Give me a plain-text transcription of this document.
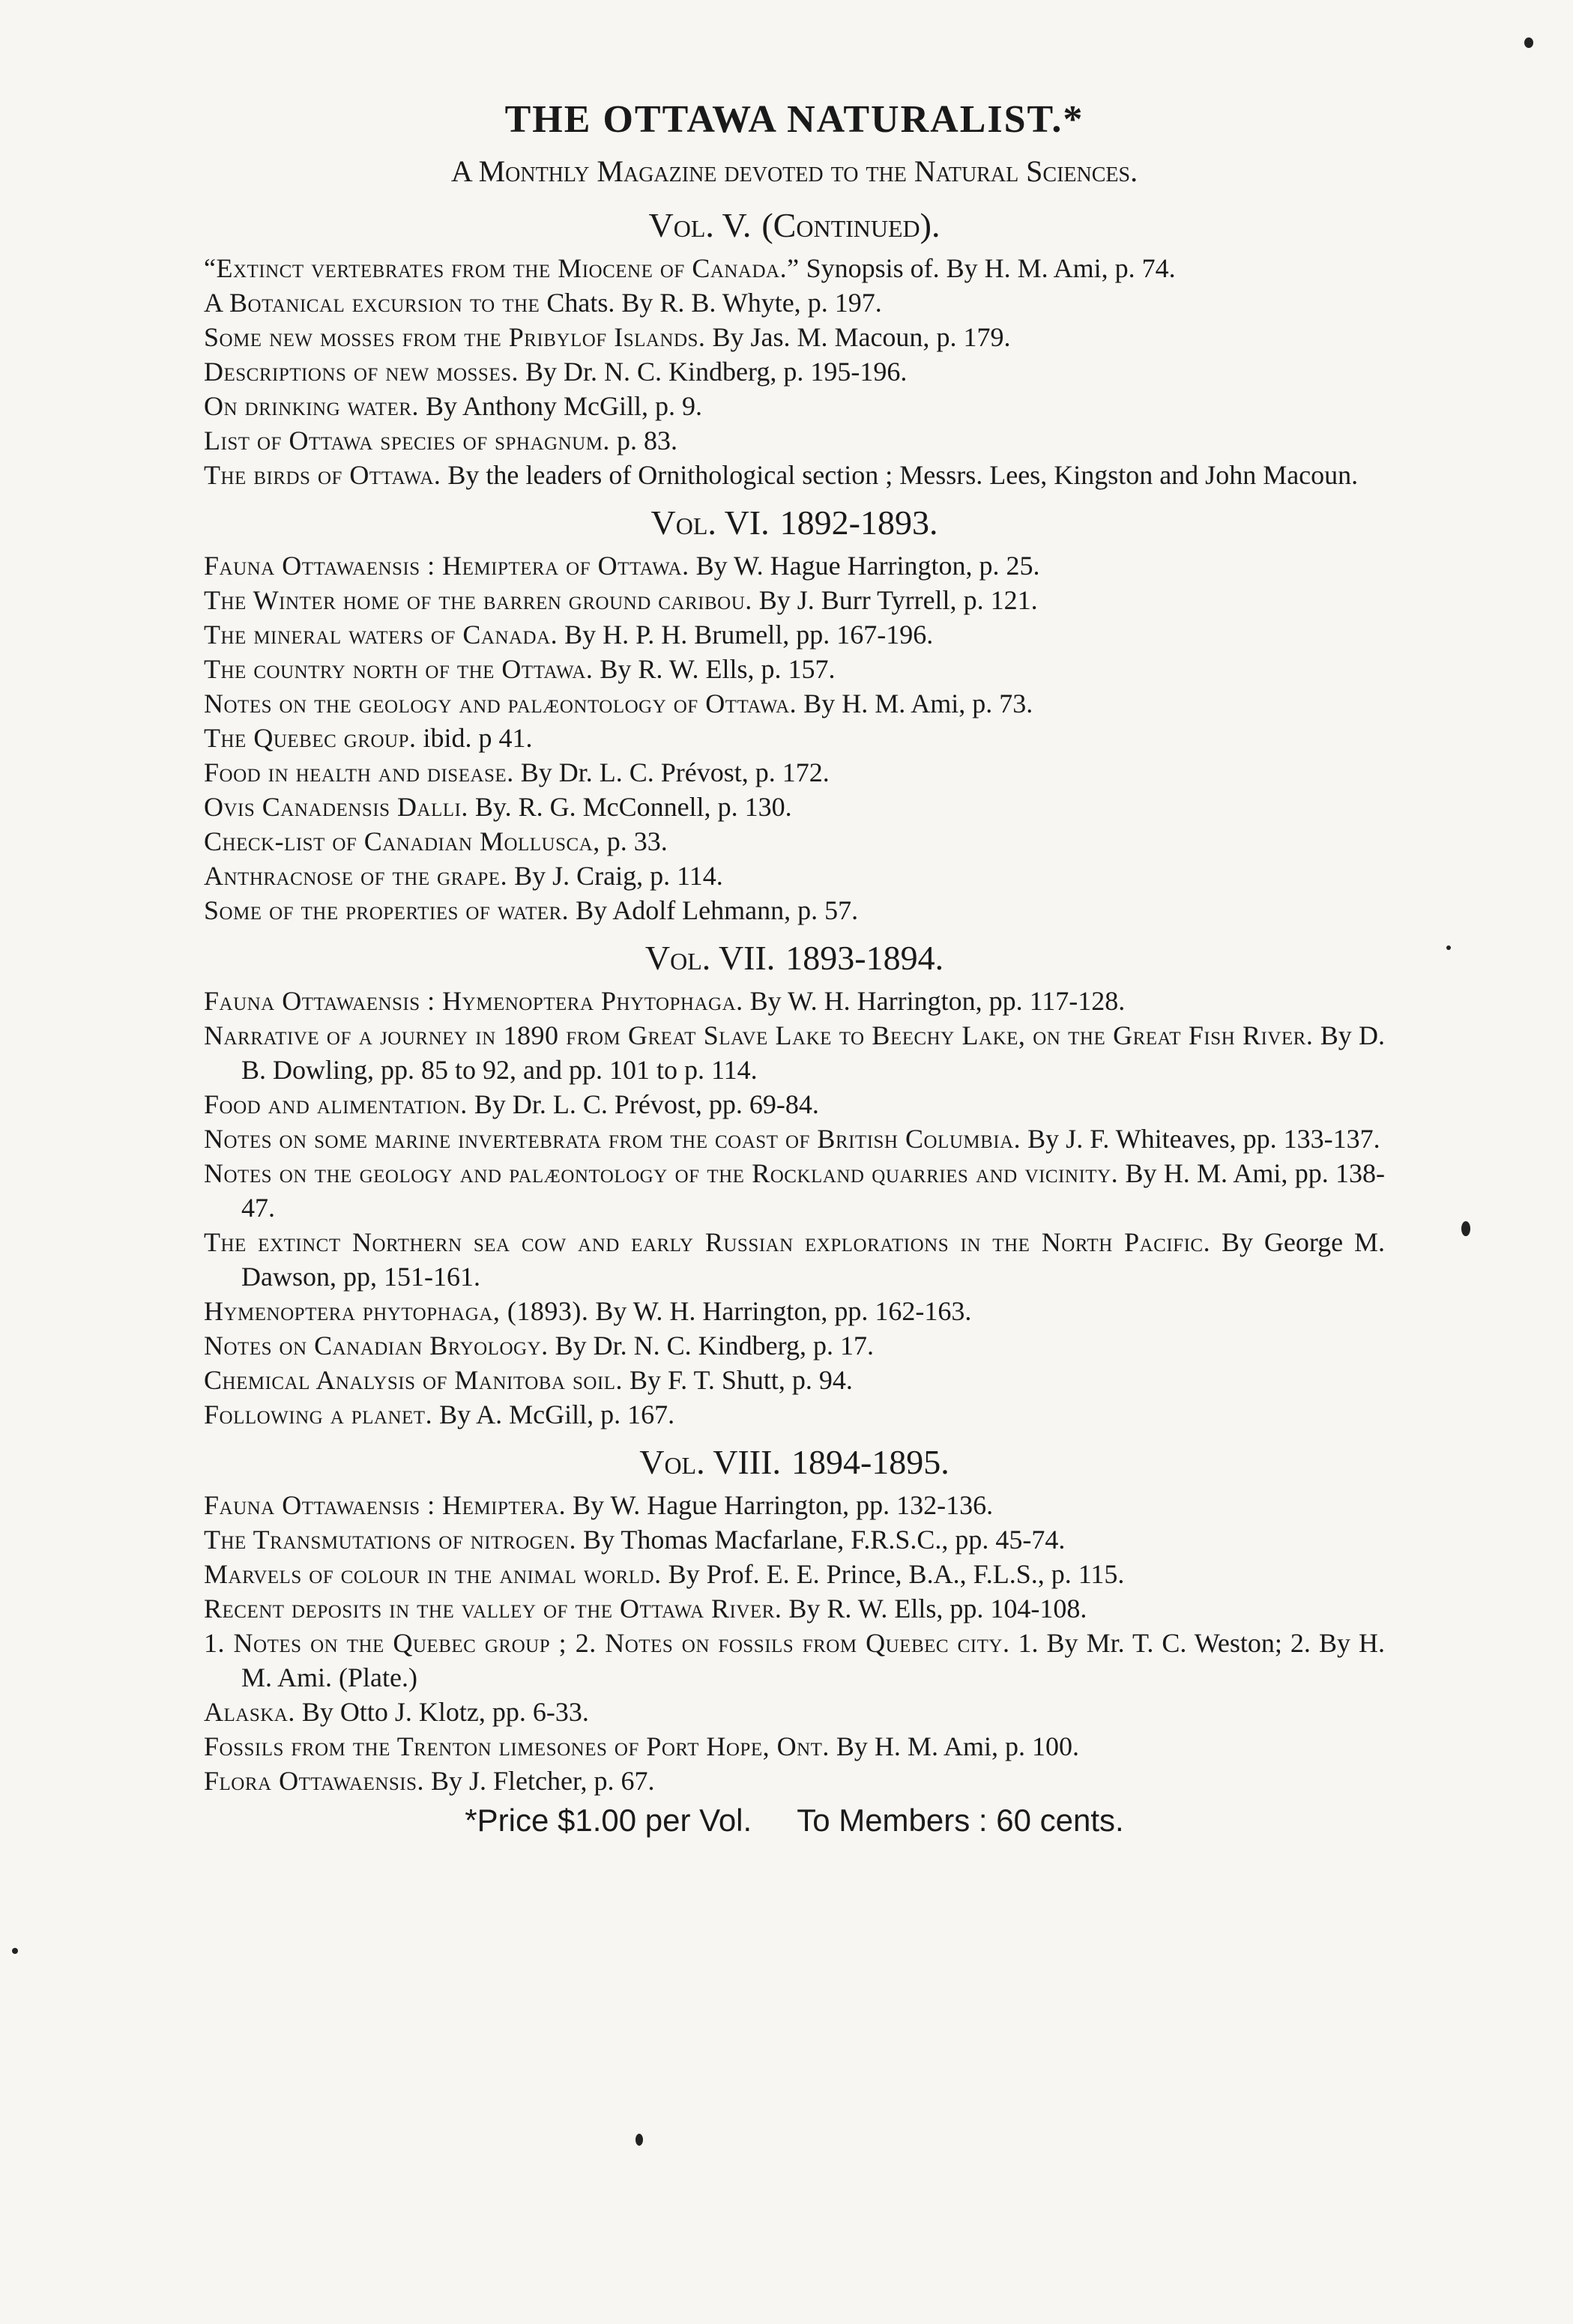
THE OTTAWA NATURALIST.*
A Monthly Magazine devoted to the Natural Sciences.
Vol. V. (Continued).
“Extinct vertebrates from the Miocene of Canada.” Synopsis of. By H. M. Ami, p. 74.
A Botanical excursion to the Chats. By R. B. Whyte, p. 197.
Some new mosses from the Pribylof Islands. By Jas. M. Macoun, p. 179.
Descriptions of new mosses. By Dr. N. C. Kindberg, p. 195-196.
On drinking water. By Anthony McGill, p. 9.
List of Ottawa species of sphagnum. p. 83.
The birds of Ottawa. By the leaders of Ornithological section ; Messrs. Lees, Kingston and John Macoun.
Vol. VI. 1892-1893.
Fauna Ottawaensis : Hemiptera of Ottawa. By W. Hague Harrington, p. 25.
The Winter home of the barren ground caribou. By J. Burr Tyrrell, p. 121.
The mineral waters of Canada. By H. P. H. Brumell, pp. 167-196.
The country north of the Ottawa. By R. W. Ells, p. 157.
Notes on the geology and palæontology of Ottawa. By H. M. Ami, p. 73.
The Quebec group. ibid. p 41.
Food in health and disease. By Dr. L. C. Prévost, p. 172.
Ovis Canadensis Dalli. By. R. G. McConnell, p. 130.
Check-list of Canadian Mollusca, p. 33.
Anthracnose of the grape. By J. Craig, p. 114.
Some of the properties of water. By Adolf Lehmann, p. 57.
Vol. VII. 1893-1894.
Fauna Ottawaensis : Hymenoptera Phytophaga. By W. H. Harrington, pp. 117-128.
Narrative of a journey in 1890 from Great Slave Lake to Beechy Lake, on the Great Fish River. By D. B. Dowling, pp. 85 to 92, and pp. 101 to p. 114.
Food and alimentation. By Dr. L. C. Prévost, pp. 69-84.
Notes on some marine invertebrata from the coast of British Columbia. By J. F. Whiteaves, pp. 133-137.
Notes on the geology and palæontology of the Rockland quarries and vicinity. By H. M. Ami, pp. 138-47.
The extinct Northern sea cow and early Russian explorations in the North Pacific. By George M. Dawson, pp, 151-161.
Hymenoptera phytophaga, (1893). By W. H. Harrington, pp. 162-163.
Notes on Canadian Bryology. By Dr. N. C. Kindberg, p. 17.
Chemical Analysis of Manitoba soil. By F. T. Shutt, p. 94.
Following a planet. By A. McGill, p. 167.
Vol. VIII. 1894-1895.
Fauna Ottawaensis : Hemiptera. By W. Hague Harrington, pp. 132-136.
The Transmutations of nitrogen. By Thomas Macfarlane, F.R.S.C., pp. 45-74.
Marvels of colour in the animal world. By Prof. E. E. Prince, B.A., F.L.S., p. 115.
Recent deposits in the valley of the Ottawa River. By R. W. Ells, pp. 104-108.
1. Notes on the Quebec group ; 2. Notes on fossils from Quebec city. 1. By Mr. T. C. Weston; 2. By H. M. Ami. (Plate.)
Alaska. By Otto J. Klotz, pp. 6-33.
Fossils from the Trenton limesones of Port Hope, Ont. By H. M. Ami, p. 100.
Flora Ottawaensis. By J. Fletcher, p. 67.
*Price $1.00 per Vol. To Members : 60 cents.
